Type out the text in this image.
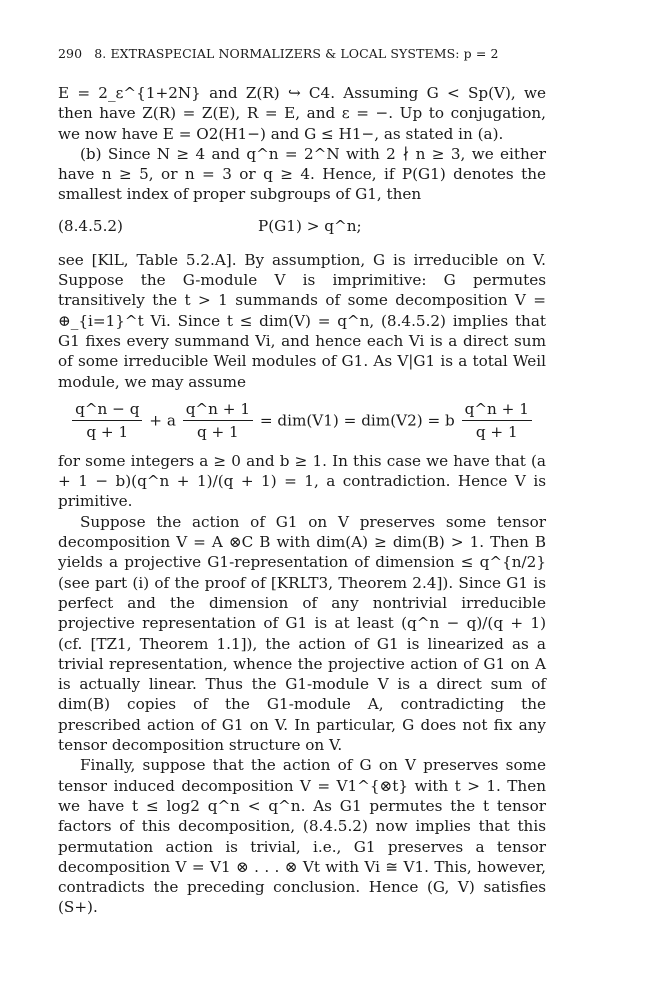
290 8. EXTRASPECIAL NORMALIZERS & LOCAL SYSTEMS: p = 2

E = 2_ε^{1+2N} and Z(R) ↪ C4. Assuming G < Sp(V), we then have Z(R) = Z(E), R = E, and ε = −. Up to conjugation, we now have E = O2(H1−) and G ≤ H1−, as stated in (a).

(b) Since N ≥ 4 and q^n = 2^N with 2 ∤ n ≥ 3, we either have n ≥ 5, or n = 3 or q ≥ 4. Hence, if P(G1) denotes the smallest index of proper subgroups of G1, then

(8.4.5.2)	P(G1) > q^n;

see [KlL, Table 5.2.A]. By assumption, G is irreducible on V. Suppose the G-module V is imprimitive: G permutes transitively the t > 1 summands of some decomposition V = ⊕_{i=1}^t Vi. Since t ≤ dim(V) = q^n, (8.4.5.2) implies that G1 fixes every summand Vi, and hence each Vi is a direct sum of some irreducible Weil modules of G1. As V|G1 is a total Weil module, we may assume

$\frac{q\^{}n - q}{q + 1} + a \frac{q\^{}n + 1}{q + 1} = dim(V1) = dim(V2) = b \frac{q\^{}n + 1}{q + 1}$

for some integers a ≥ 0 and b ≥ 1. In this case we have that (a + 1 − b)(q^n + 1)/(q + 1) = 1, a contradiction. Hence V is primitive.

Suppose the action of G1 on V preserves some tensor decomposition V = A ⊗C B with dim(A) ≥ dim(B) > 1. Then B yields a projective G1-representation of dimension ≤ q^{n/2} (see part (i) of the proof of [KRLT3, Theorem 2.4]). Since G1 is perfect and the dimension of any nontrivial irreducible projective representation of G1 is at least (q^n − q)/(q + 1) (cf. [TZ1, Theorem 1.1]), the action of G1 is linearized as a trivial representation, whence the projective action of G1 on A is actually linear. Thus the G1-module V is a direct sum of dim(B) copies of the G1-module A, contradicting the prescribed action of G1 on V. In particular, G does not fix any tensor decomposition structure on V.

Finally, suppose that the action of G on V preserves some tensor induced decomposition V = V1^{⊗t} with t > 1. Then we have t ≤ log2 q^n < q^n. As G1 permutes the t tensor factors of this decomposition, (8.4.5.2) now implies that this permutation action is trivial, i.e., G1 preserves a tensor decomposition V = V1 ⊗ . . . ⊗ Vt with Vi ≅ V1. This, however, contradicts the preceding conclusion. Hence (G, V) satisfies (S+).
